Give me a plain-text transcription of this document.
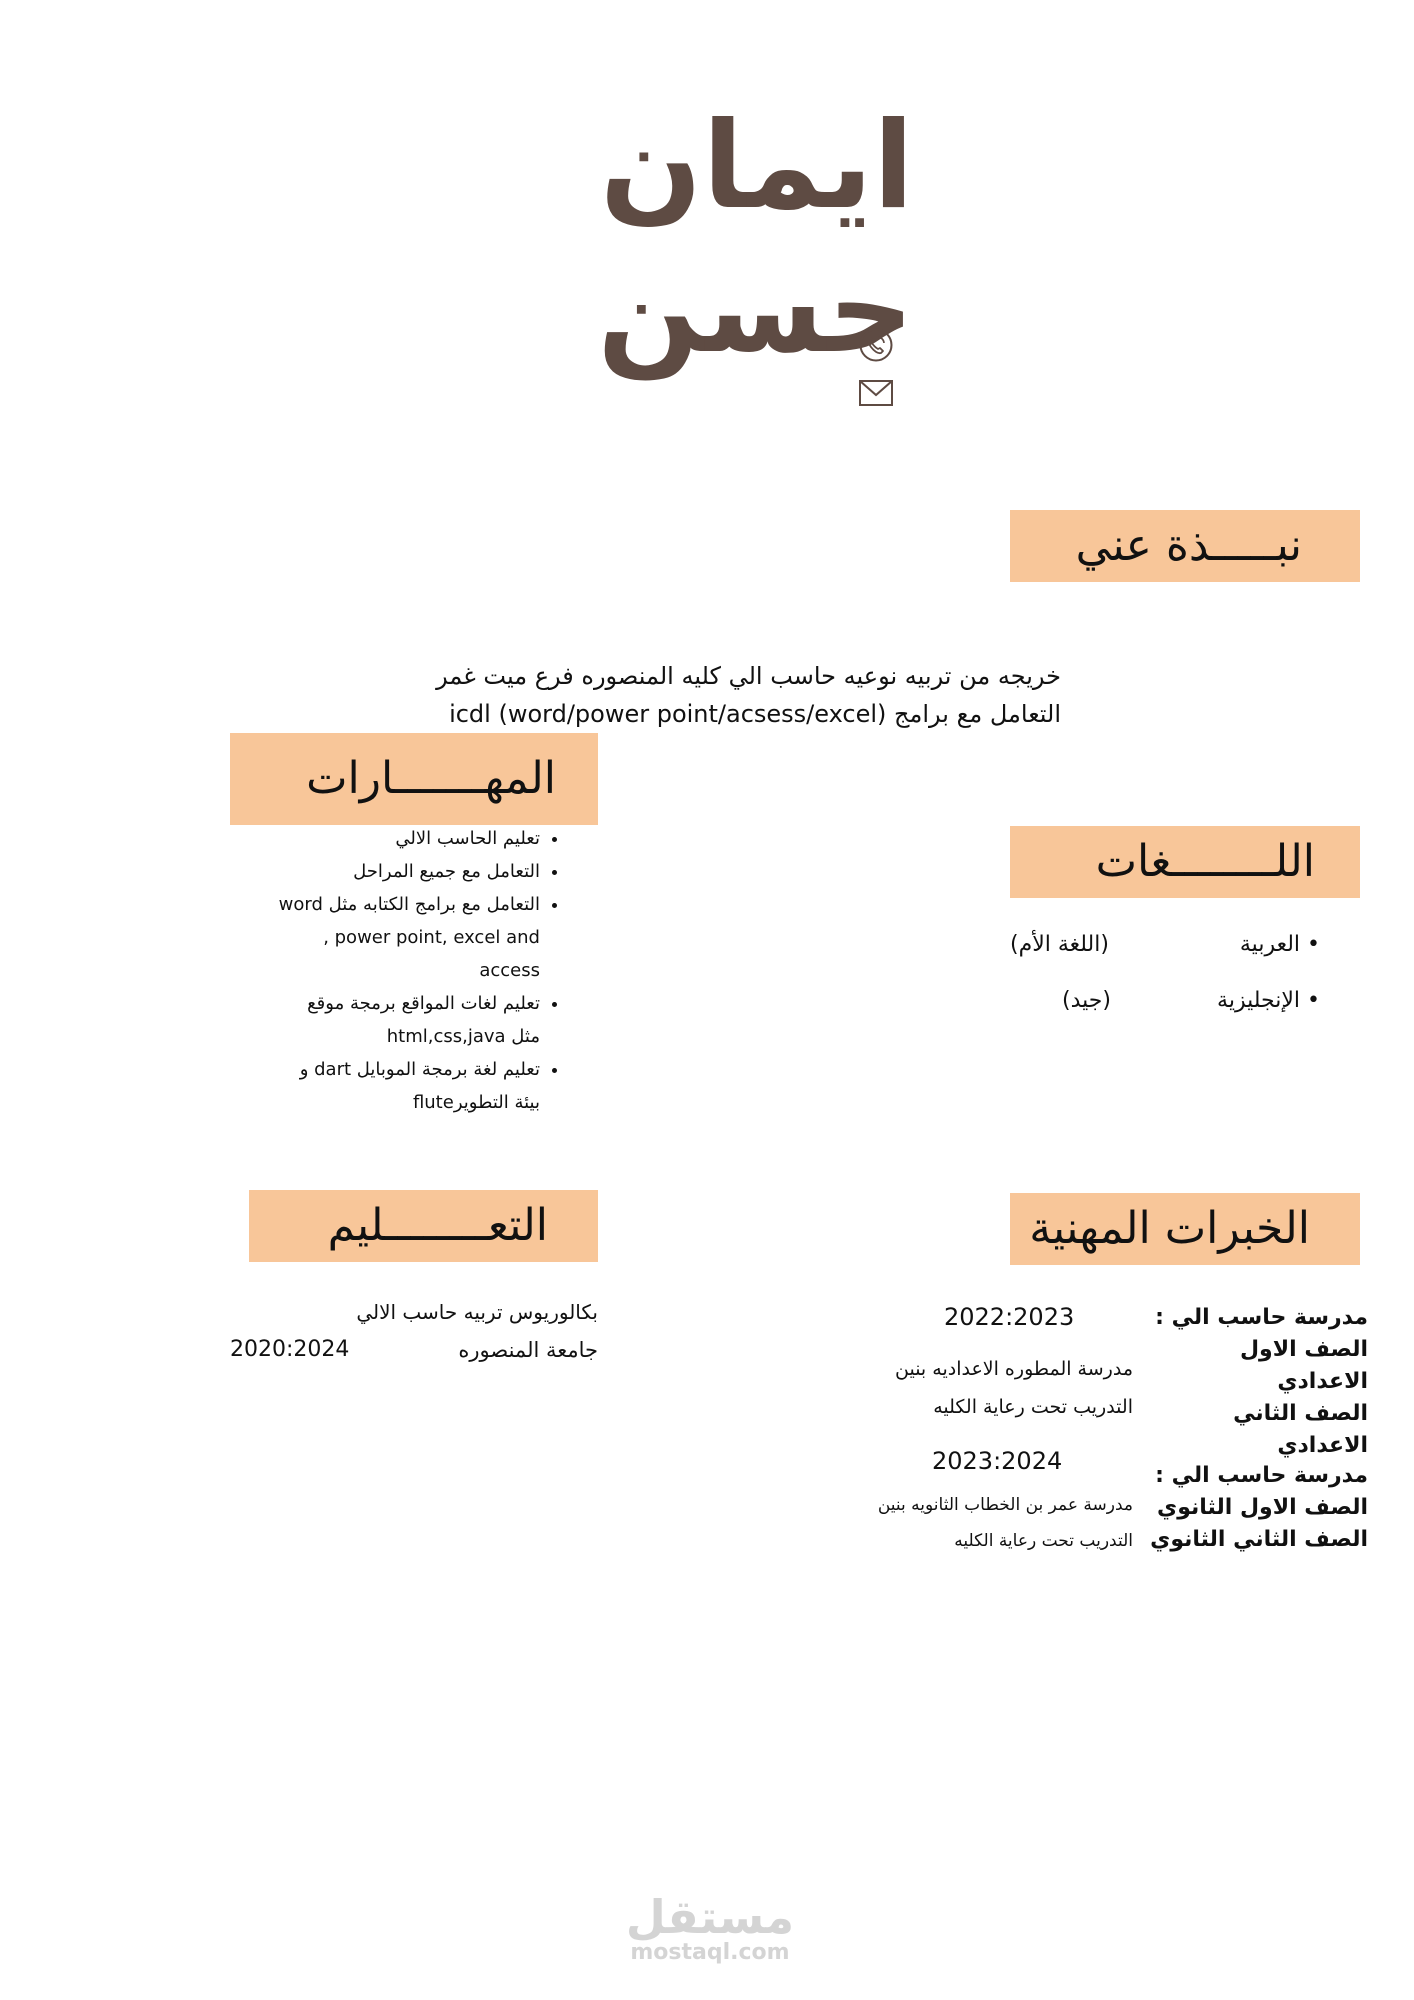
ايمان حسن
نبـــــذة عني
خريجه من تربيه نوعيه حاسب الي كليه المنصوره فرع ميت غمر
التعامل مع برامج (icdl (word/power point/acsess/excel
المهـــــــارات
• تعليم الحاسب الالي
• التعامل مع جميع المراحل
• التعامل مع برامج الكتابه مثل word , power point, excel and access
• تعليم لغات المواقع برمجة موقع مثل html,css,java
• تعليم لغة برمجة الموبايل dart و بيئة التطويرflute
اللــــــــغات
• العربية
(اللغة الأم)
• الإنجليزية
(جيد)
التعــــــــليم
بكالوريوس تربيه حاسب الالي
جامعة المنصوره
2020:2024
الخبرات المهنية
مدرسة حاسب الي :
الصف الاول الاعدادي
الصف الثاني الاعدادي
2022:2023
مدرسة المطوره الاعداديه بنين
التدريب تحت رعاية الكليه
مدرسة حاسب الي :
الصف الاول الثانوي
الصف الثاني الثانوي
2023:2024
مدرسة عمر بن الخطاب الثانويه بنين
التدريب تحت رعاية الكليه
مستقل
mostaql.com
